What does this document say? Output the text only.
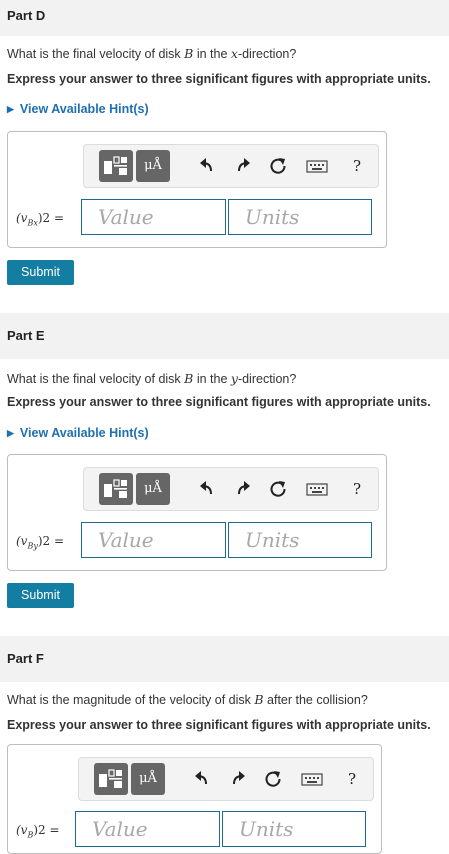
Part D
What is the final velocity of disk B in the x-direction?
Express your answer to three significant figures with appropriate units.
▶ View Available Hint(s)
μÅ	?
$(v_{Bx})2$ =	Value	Units
Submit
Part E
What is the final velocity of disk B in the y-direction?
Express your answer to three significant figures with appropriate units.
▶ View Available Hint(s)
μÅ	?
$(v_{By})2$ =	Value	Units
Submit
Part F
What is the magnitude of the velocity of disk B after the collision?
Express your answer to three significant figures with appropriate units.
μÅ	?
$(v_B)2$ =	Value	Units
